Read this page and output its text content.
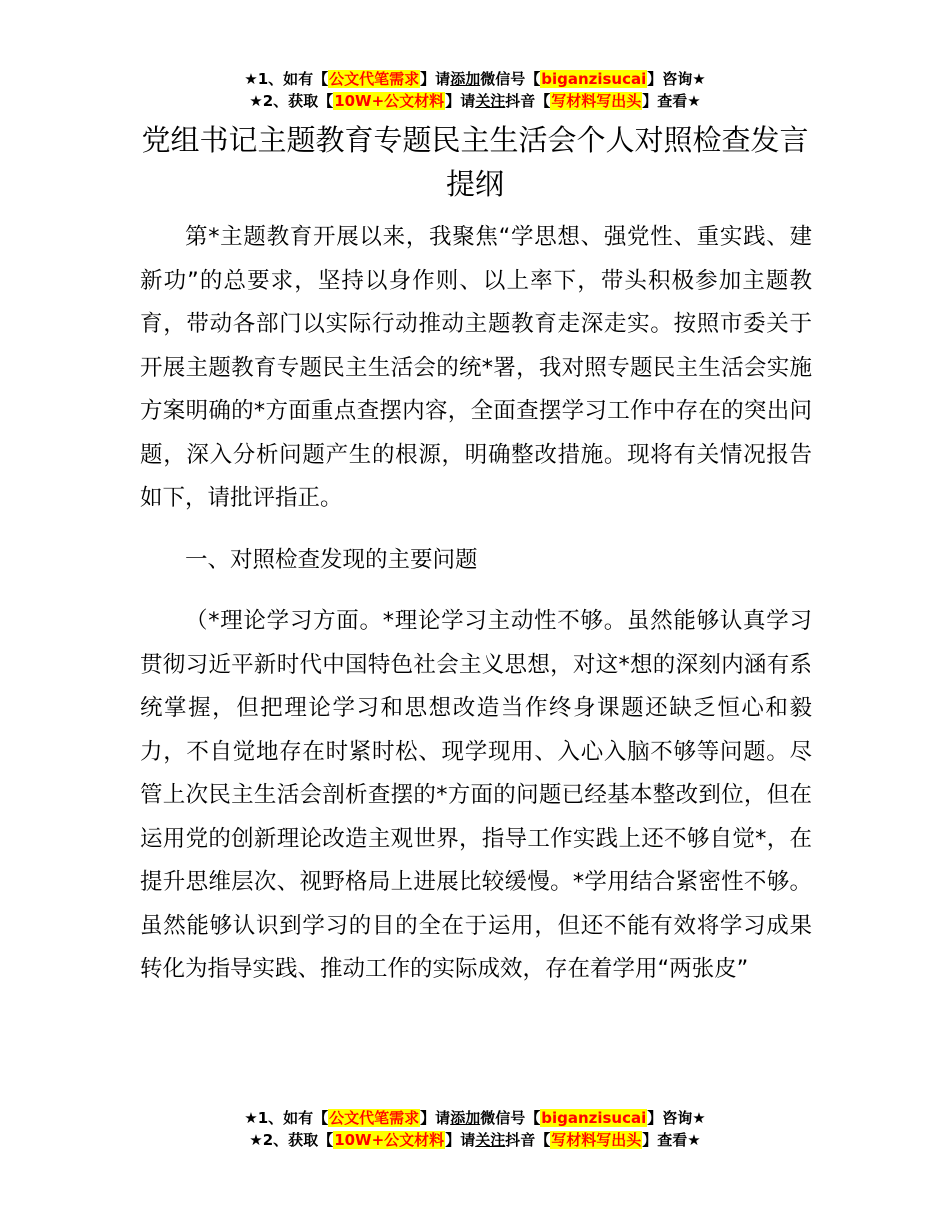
★1、如有【公文代笔需求】请添加微信号【biganzisucai】咨询★
★2、获取【10W+公文材料】请关注抖音【写材料写出头】查看★
党组书记主题教育专题民主生活会个人对照检查发言提纲

第*主题教育开展以来，我聚焦“学思想、强党性、重实践、建新功”的总要求，坚持以身作则、以上率下，带头积极参加主题教育，带动各部门以实际行动推动主题教育走深走实。按照市委关于开展主题教育专题民主生活会的统*署，我对照专题民主生活会实施方案明确的*方面重点查摆内容，全面查摆学习工作中存在的突出问题，深入分析问题产生的根源，明确整改措施。现将有关情况报告如下，请批评指正。

一、对照检查发现的主要问题

（*理论学习方面。*理论学习主动性不够。虽然能够认真学习贯彻习近平新时代中国特色社会主义思想，对这*想的深刻内涵有系统掌握，但把理论学习和思想改造当作终身课题还缺乏恒心和毅力，不自觉地存在时紧时松、现学现用、入心入脑不够等问题。尽管上次民主生活会剖析查摆的*方面的问题已经基本整改到位，但在运用党的创新理论改造主观世界，指导工作实践上还不够自觉*，在提升思维层次、视野格局上进展比较缓慢。*学用结合紧密性不够。虽然能够认识到学习的目的全在于运用，但还不能有效将学习成果转化为指导实践、推动工作的实际成效，存在着学用“两张皮”

★1、如有【公文代笔需求】请添加微信号【biganzisucai】咨询★
★2、获取【10W+公文材料】请关注抖音【写材料写出头】查看★
